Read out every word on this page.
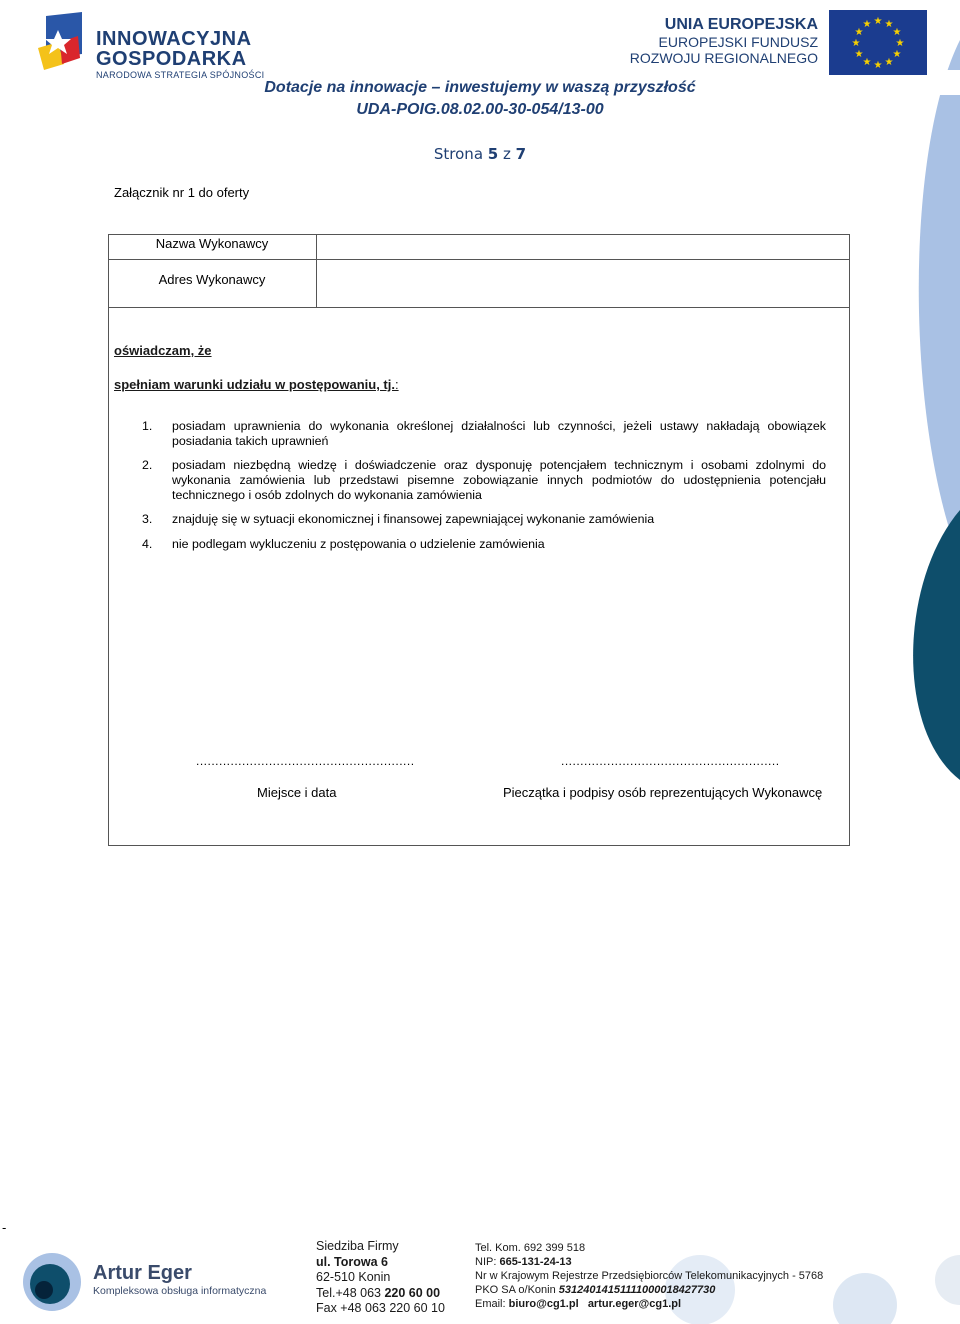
INNOWACYJNA
GOSPODARKA
NARODOWA STRATEGIA SPÓJNOŚCI
UNIA EUROPEJSKA
EUROPEJSKI FUNDUSZ
ROZWOJU REGIONALNEGO
★ ★
★
★
★
★
★
★
★
★
★
★
Dotacje na innowacje – inwestujemy w waszą przyszłość
UDA-POIG.08.02.00-30-054/13-00
Strona 5 z 7
Załącznik nr 1 do oferty
Nazwa Wykonawcy
Adres Wykonawcy
oświadczam, że
spełniam warunki udziału w postępowaniu, tj.:
1.	posiadam uprawnienia do wykonania określonej działalności lub czynności, jeżeli ustawy nakładają obowiązek posiadania takich uprawnień
2.	posiadam niezbędną wiedzę i doświadczenie oraz dysponuję potencjałem technicznym i osobami zdolnymi do wykonania zamówienia lub przedstawi pisemne zobowiązanie innych podmiotów do udostępnienia potencjału technicznego i osób zdolnych do wykonania zamówienia
3.	znajduję się w sytuacji ekonomicznej i finansowej zapewniającej wykonanie zamówienia
4.	nie podlegam wykluczeniu z postępowania o udzielenie zamówienia
.........................................................	.........................................................
Miejsce i data	Pieczątka i podpisy osób reprezentujących Wykonawcę
-
Artur Eger
Kompleksowa obsługa informatyczna
Siedziba Firmy
ul. Torowa 6
62-510 Konin
Tel.+48 063 220 60 00
Fax +48 063 220 60 10
Tel. Kom. 692 399 518
NIP: 665-131-24-13
Nr w Krajowym Rejestrze Przedsiębiorców Telekomunikacyjnych - 5768
PKO SA o/Konin 53124014151111000018427730
Email: biuro@cg1.pl artur.eger@cg1.pl
